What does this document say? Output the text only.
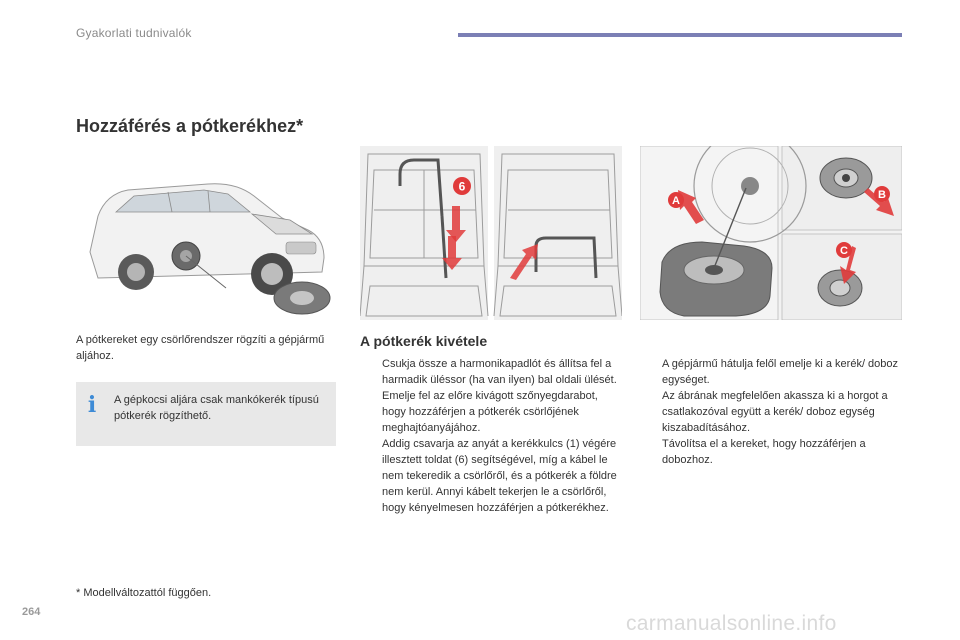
Gyakorlati tudnivalók
Hozzáférés a pótkerékhez*
6
A	B
C

A pótkereket egy csörlőrendszer rögzíti a gépjármű aljához.

i A gépkocsi aljára csak mankókerék típusú pótkerék rögzíthető.

A pótkerék kivétele
Csukja össze a harmonikapadlót és állítsa fel a harmadik üléssor (ha van ilyen) bal oldali ülését.
Emelje fel az előre kivágott szőnyegdarabot, hogy hozzáférjen a pótkerék csörlőjének meghajtóanyájához.
Addig csavarja az anyát a kerékkulcs (1) végére illesztett toldat (6) segítségével, míg a kábel le nem tekeredik a csörlőről, és a pótkerék a földre nem kerül. Annyi kábelt tekerjen le a csörlőről, hogy kényelmesen hozzáférjen a pótkerékhez.
A gépjármű hátulja felől emelje ki a kerék/ doboz egységet.
Az ábrának megfelelően akassza ki a horgot a csatlakozóval együtt a kerék/ doboz egység kiszabadításához.
Távolítsa el a kereket, hogy hozzáférjen a dobozhoz.

* Modellváltozattól függően.

264	carmanualsonline.info
